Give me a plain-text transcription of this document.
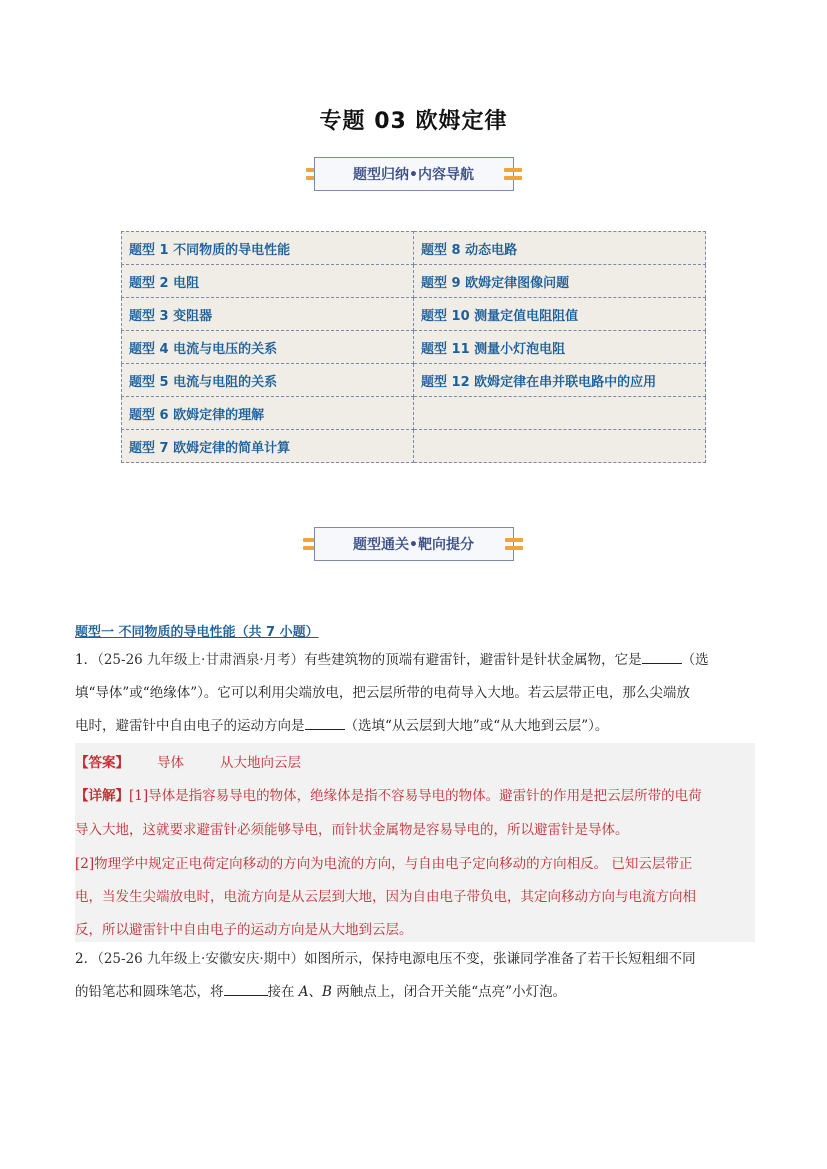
专题 03 欧姆定律
题型归纳•内容导航
题型 1 不同物质的导电性能	题型 8 动态电路
题型 2 电阻	题型 9 欧姆定律图像问题
题型 3 变阻器	题型 10 测量定值电阻阻值
题型 4 电流与电压的关系	题型 11 测量小灯泡电阻
题型 5 电流与电阻的关系	题型 12 欧姆定律在串并联电路中的应用
题型 6 欧姆定律的理解	
题型 7 欧姆定律的简单计算	
题型通关•靶向提分
题型一 不同物质的导电性能（共 7 小题）
1．（25-26 九年级上·甘肃酒泉·月考）有些建筑物的顶端有避雷针，避雷针是针状金属物，它是	（选
填“导体”或“绝缘体”）。它可以利用尖端放电，把云层所带的电荷导入大地。若云层带正电，那么尖端放
电时，避雷针中自由电子的运动方向是	（选填“从云层到大地”或“从大地到云层”）。
【答案】 导体	从大地向云层
【详解】[1]导体是指容易导电的物体，绝缘体是指不容易导电的物体。避雷针的作用是把云层所带的电荷
导入大地，这就要求避雷针必须能够导电，而针状金属物是容易导电的，所以避雷针是导体。
[2]物理学中规定正电荷定向移动的方向为电流的方向，与自由电子定向移动的方向相反。 已知云层带正
电，当发生尖端放电时，电流方向是从云层到大地，因为自由电子带负电，其定向移动方向与电流方向相
反，所以避雷针中自由电子的运动方向是从大地到云层。
2．（25-26 九年级上·安徽安庆·期中）如图所示，保持电源电压不变，张谦同学准备了若干长短粗细不同
的铅笔芯和圆珠笔芯，将	接在 A、B 两触点上，闭合开关能“点亮”小灯泡。
